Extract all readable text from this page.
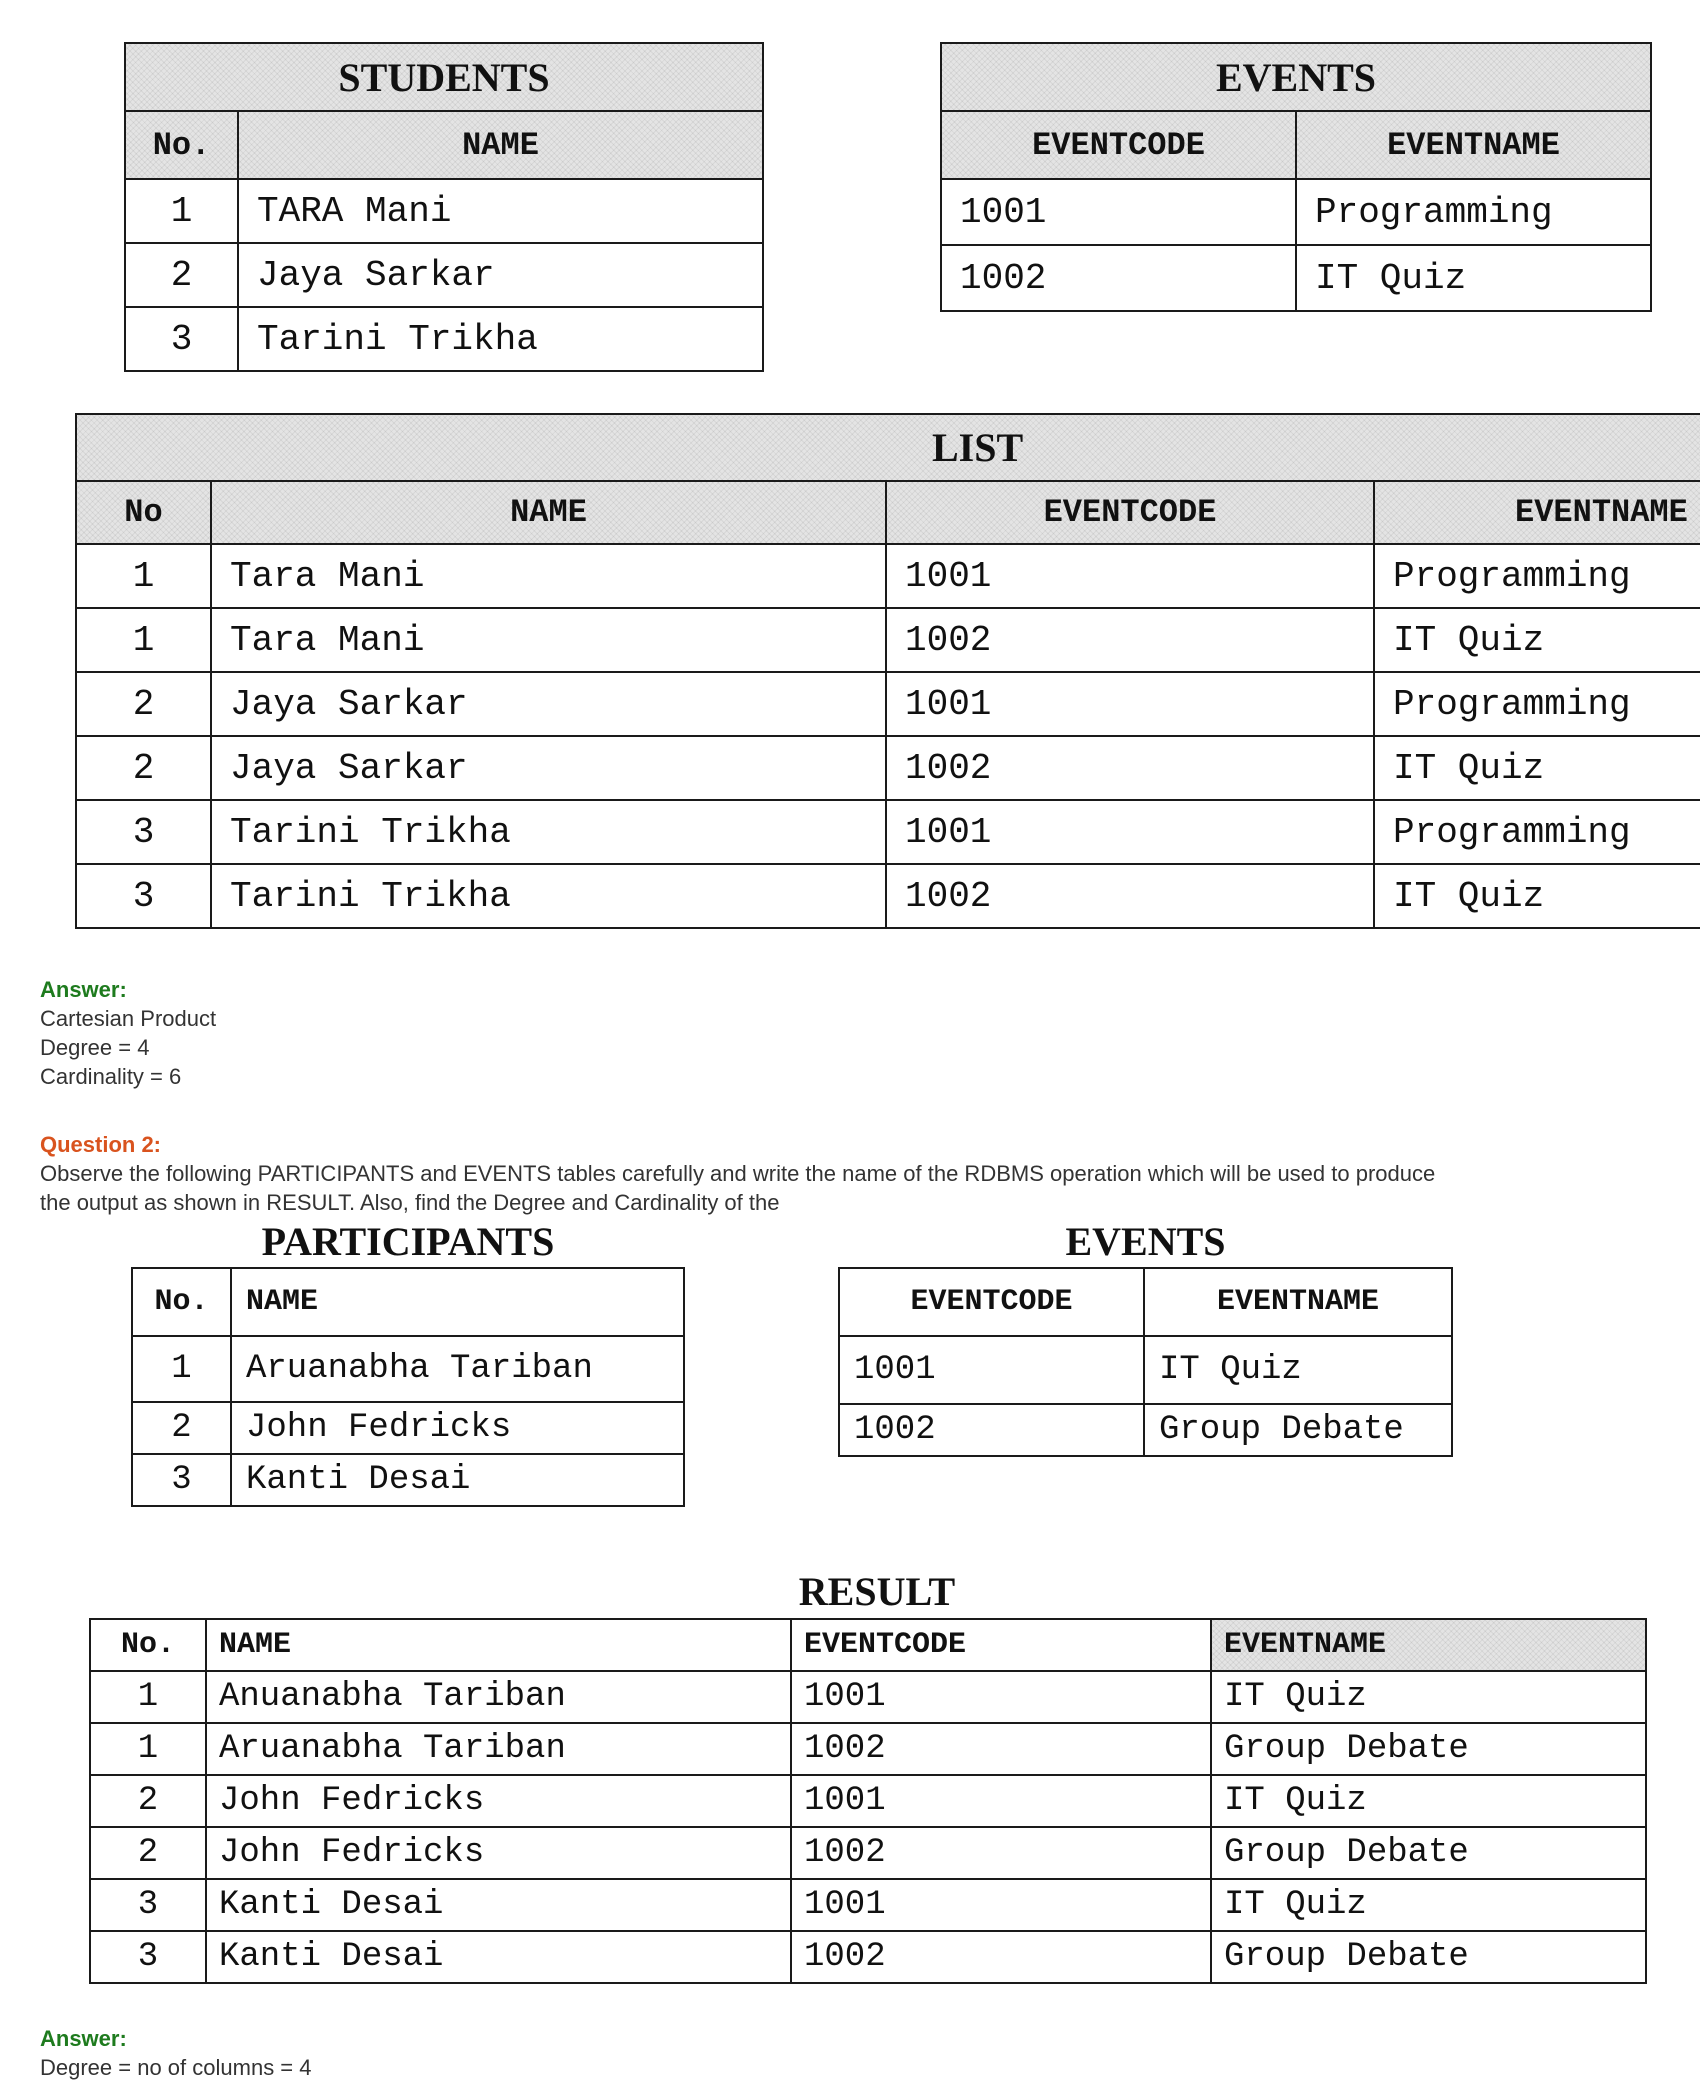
STUDENTS	
No.	NAME
1	TARA Mani
2	Jaya Sarkar
3	Tarini Trikha
EVENTS	
EVENTCODE	EVENTNAME
1001	Programming
1002	IT Quiz
LIST			
No	NAME	EVENTCODE	EVENTNAME
1	Tara Mani	1001	Programming
1	Tara Mani	1002	IT Quiz
2	Jaya Sarkar	1001	Programming
2	Jaya Sarkar	1002	IT Quiz
3	Tarini Trikha	1001	Programming
3	Tarini Trikha	1002	IT Quiz
Answer:
Cartesian Product
Degree = 4
Cardinality = 6
Question 2:
Observe the following PARTICIPANTS and EVENTS tables carefully and write the name of the RDBMS operation which will be used to produce
the output as shown in RESULT. Also, find the Degree and Cardinality of the
PARTICIPANTS
No.	NAME
1	Aruanabha Tariban
2	John Fedricks
3	Kanti Desai
EVENTS
EVENTCODE	EVENTNAME
1001	IT Quiz
1002	Group Debate
RESULT
No.	NAME	EVENTCODE	EVENTNAME
1	Anuanabha Tariban	1001	IT Quiz
1	Aruanabha Tariban	1002	Group Debate
2	John Fedricks	1001	IT Quiz
2	John Fedricks	1002	Group Debate
3	Kanti Desai	1001	IT Quiz
3	Kanti Desai	1002	Group Debate
Answer:
Degree = no of columns = 4
